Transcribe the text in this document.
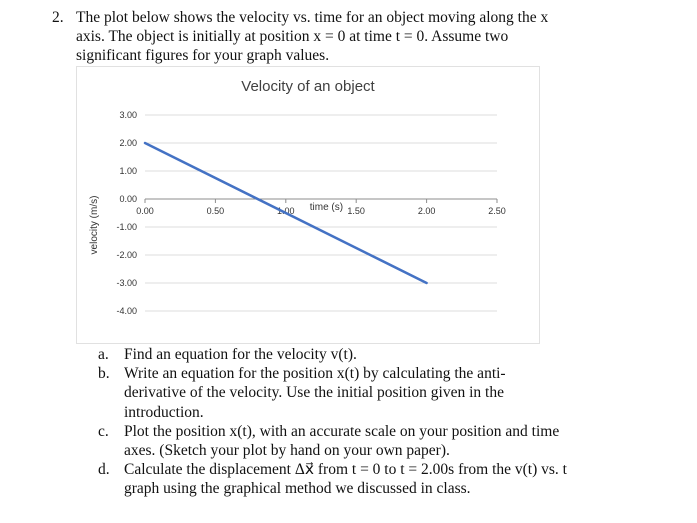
2. The plot below shows the velocity vs. time for an object moving along the x
axis. The object is initially at position x = 0 at time t = 0. Assume two
significant figures for your graph values.
Velocity of an object
3.00
2.00
1.00
0.00
-1.00
-2.00
-3.00
-4.00
0.00	0.50	1.00	1.50	2.00	2.50
time (s)
velocity (m/s)
a. Find an equation for the velocity v(t).
b. Write an equation for the position x(t) by calculating the anti-
derivative of the velocity. Use the initial position given in the
introduction.
c. Plot the position x(t), with an accurate scale on your position and time
axes. (Sketch your plot by hand on your own paper).
d. Calculate the displacement Δx⃗ from t = 0 to t = 2.00s from the v(t) vs. t
graph using the graphical method we discussed in class.
